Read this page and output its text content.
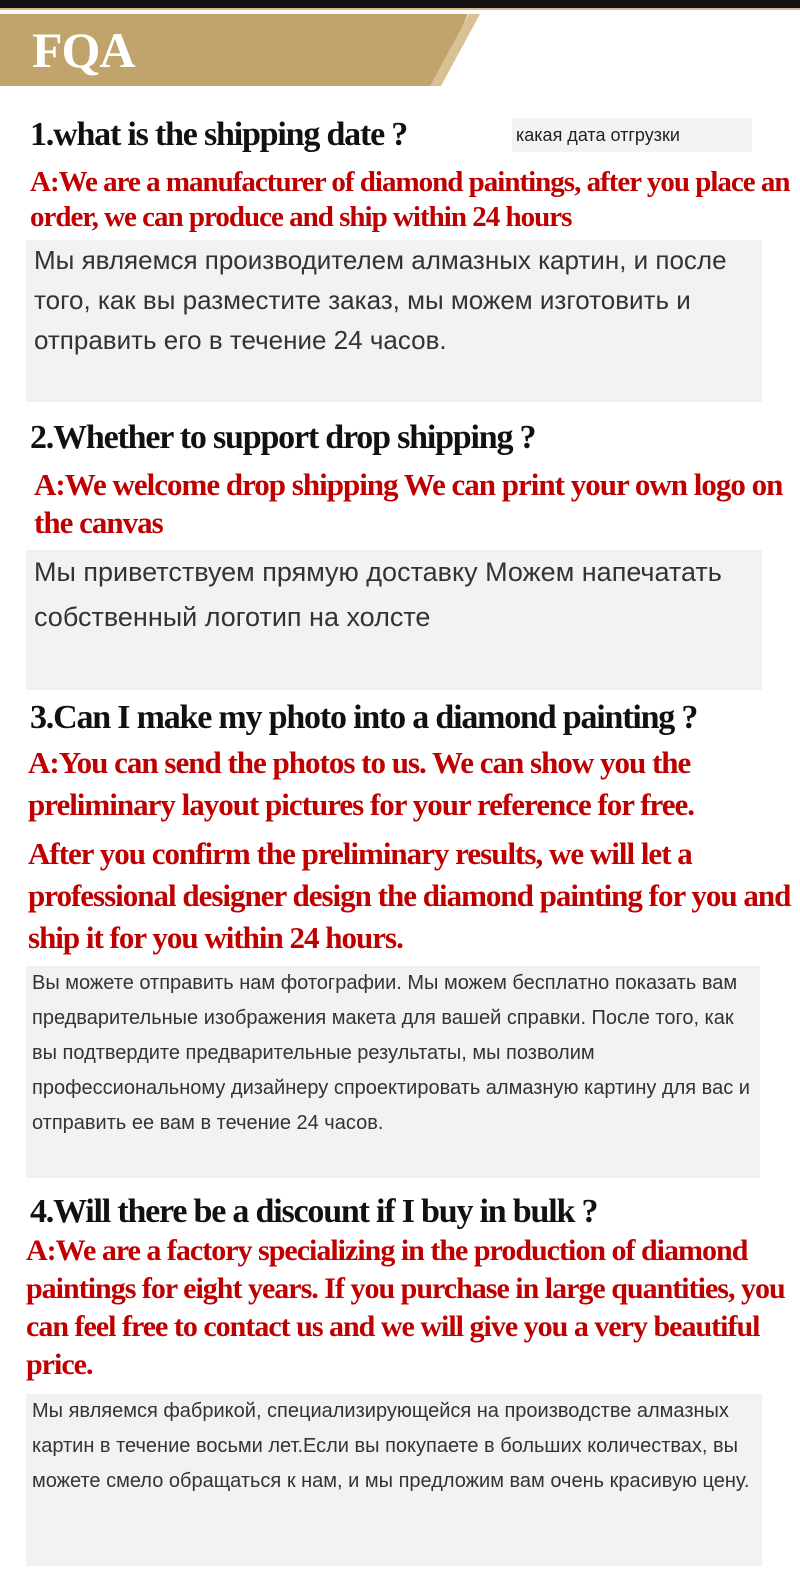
FQA
1.what is the shipping date ?	какая дата отгрузки

A:We are a manufacturer of diamond paintings, after you place an order, we can produce and ship within 24 hours

Мы являемся производителем алмазных картин, и после того, как вы разместите заказ, мы можем изготовить и отправить его в течение 24 часов.

2.Whether to support drop shipping ?

A:We welcome drop shipping We can print your own logo on the canvas

Мы приветствуем прямую доставку Можем напечатать собственный логотип на холсте

3.Can I make my photo into a diamond painting ?

A:You can send the photos to us. We can show you the preliminary layout pictures for your reference for free.

After you confirm the preliminary results, we will let a professional designer design the diamond painting for you and ship it for you within 24 hours.

Вы можете отправить нам фотографии. Мы можем бесплатно показать вам предварительные изображения макета для вашей справки. После того, как вы подтвердите предварительные результаты, мы позволим профессиональному дизайнеру спроектировать алмазную картину для вас и отправить ее вам в течение 24 часов.

4.Will there be a discount if I buy in bulk ?

A:We are a factory specializing in the production of diamond paintings for eight years. If you purchase in large quantities, you can feel free to contact us and we will give you a very beautiful price.

Мы являемся фабрикой, специализирующейся на производстве алмазных картин в течение восьми лет.Если вы покупаете в больших количествах, вы можете смело обращаться к нам, и мы предложим вам очень красивую цену.
